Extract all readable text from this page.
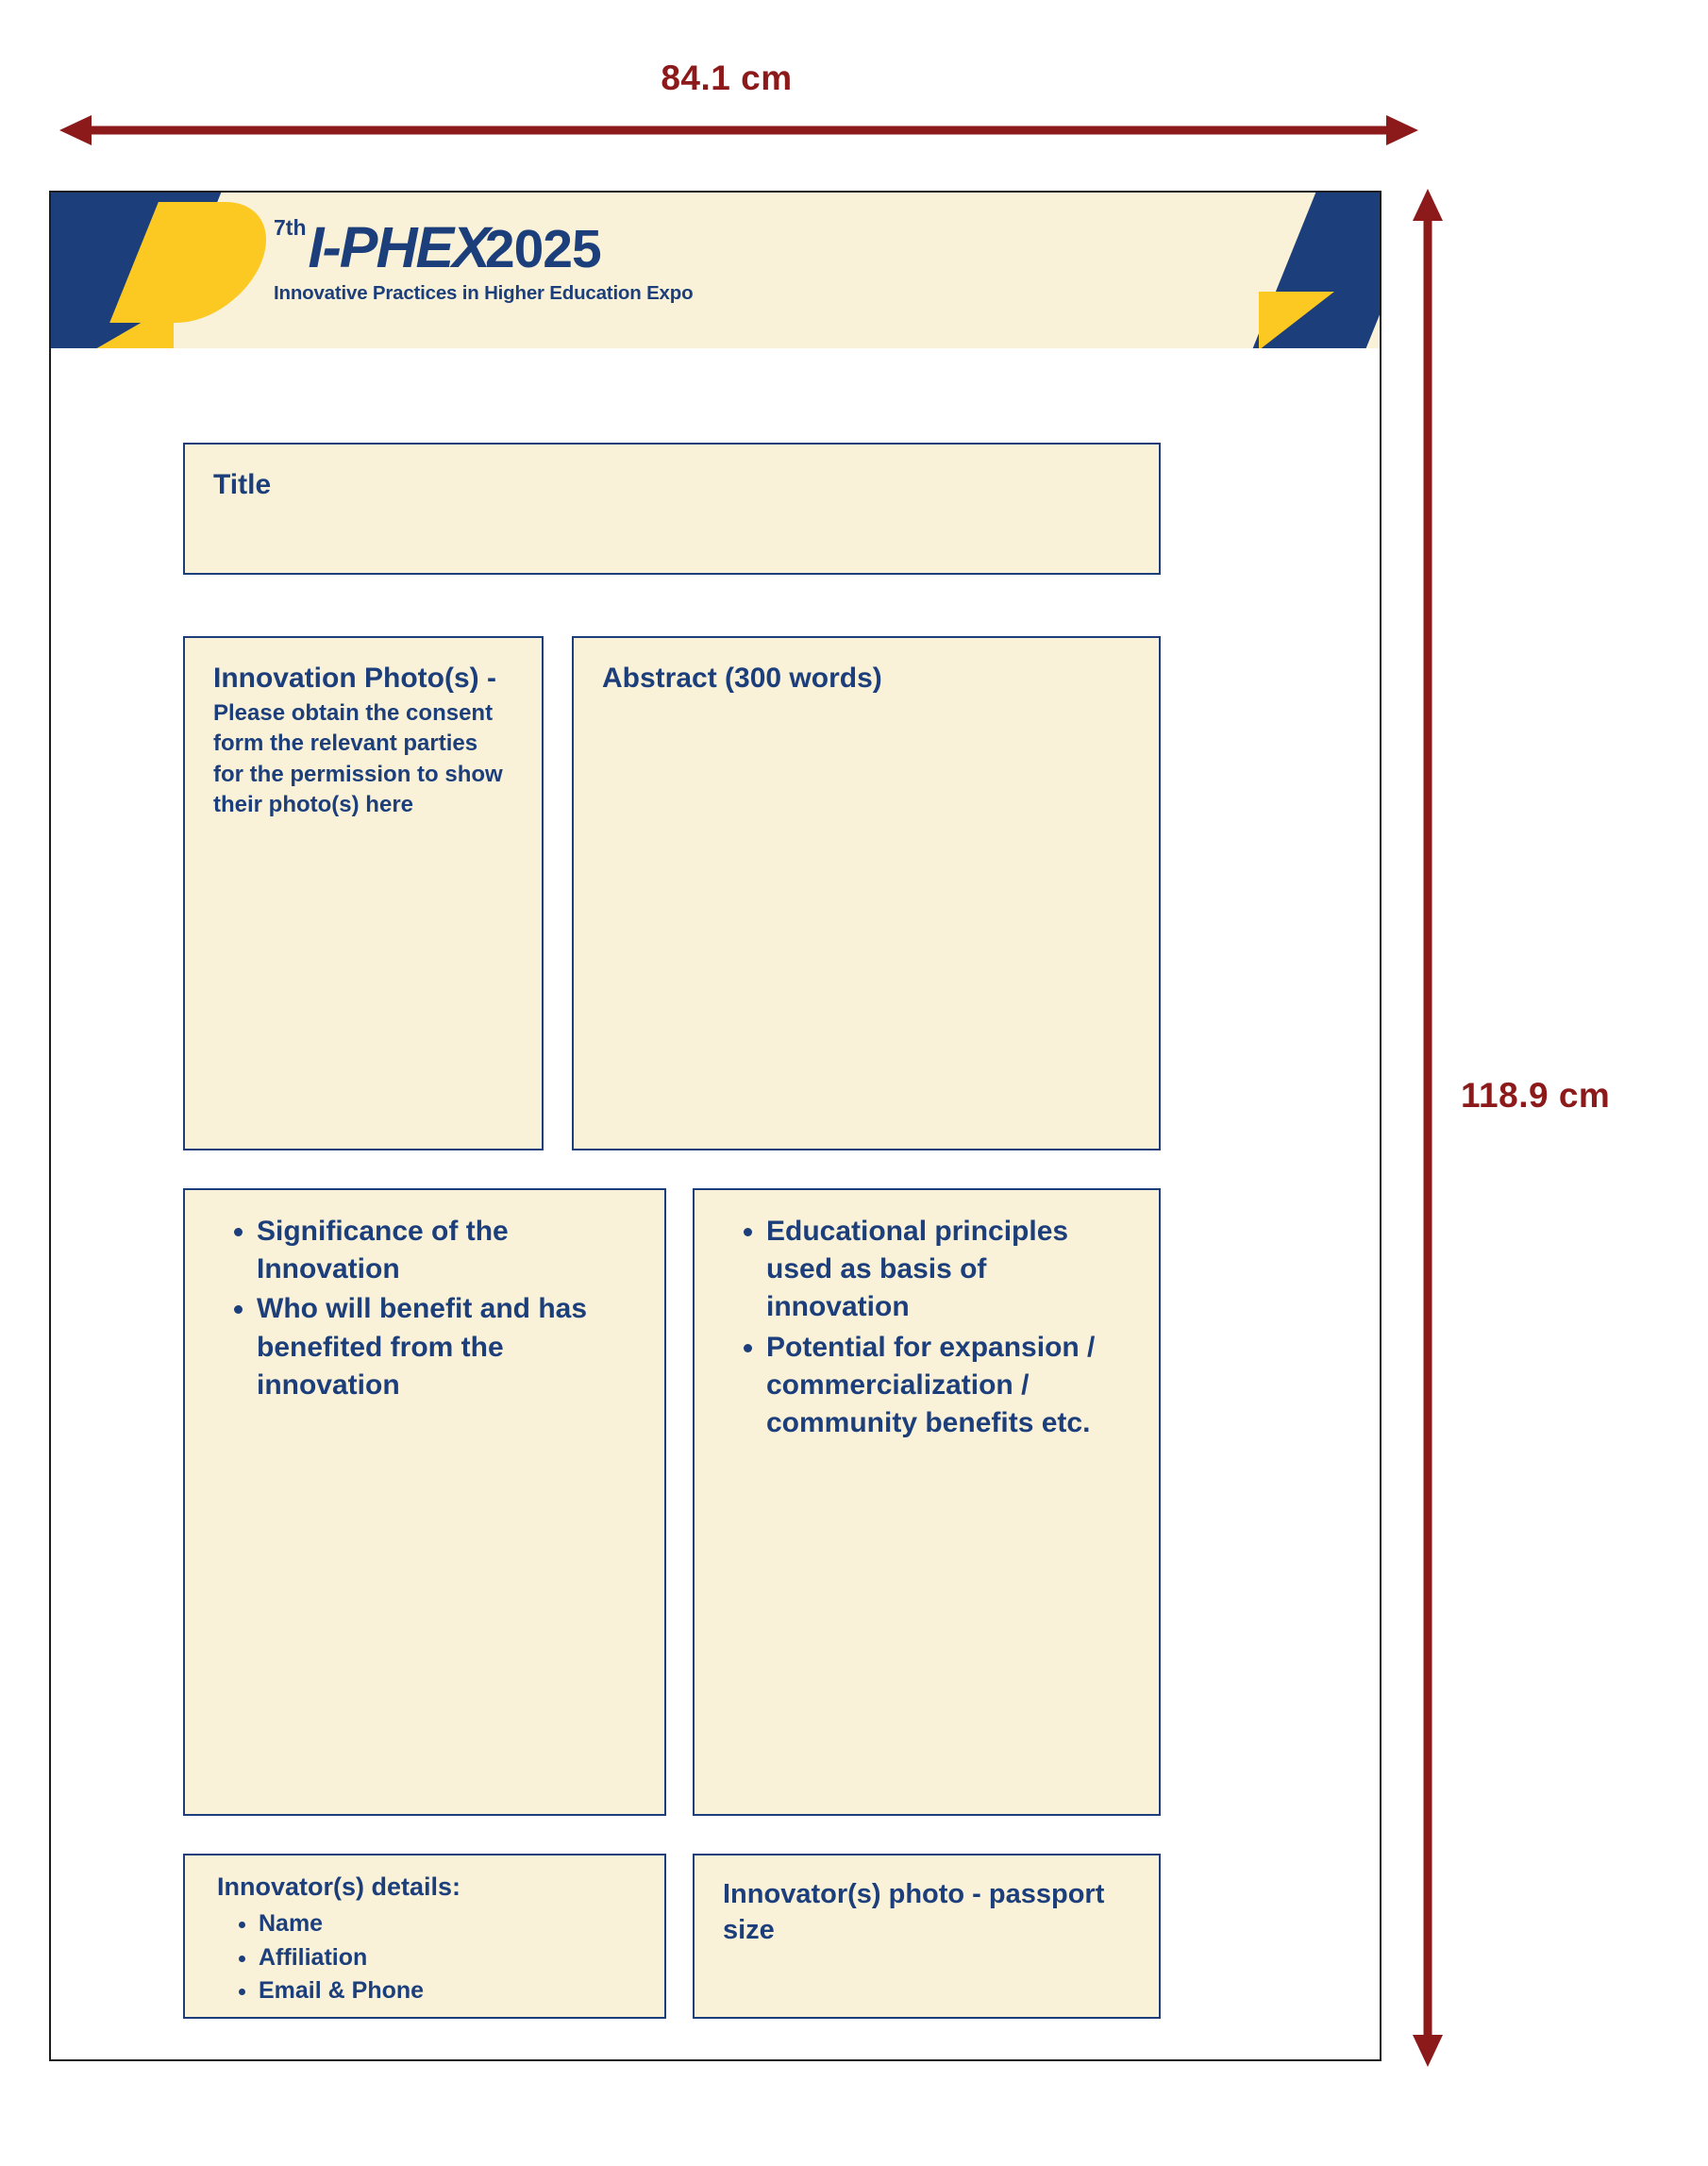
84.1 cm
118.9 cm
7th I-PHEX
2025
Innovative Practices in Higher Education Expo
Title
Innovation Photo(s) -
Please obtain the consent form the relevant parties for the permission to show their photo(s) here
Abstract (300 words)
• Significance of the Innovation
• Who will benefit and has benefited from the innovation
• Educational principles used as basis of innovation
• Potential for expansion / commercialization / community benefits etc.
Innovator(s) details:
• Name
• Affiliation
• Email & Phone
Innovator(s) photo - passport size
